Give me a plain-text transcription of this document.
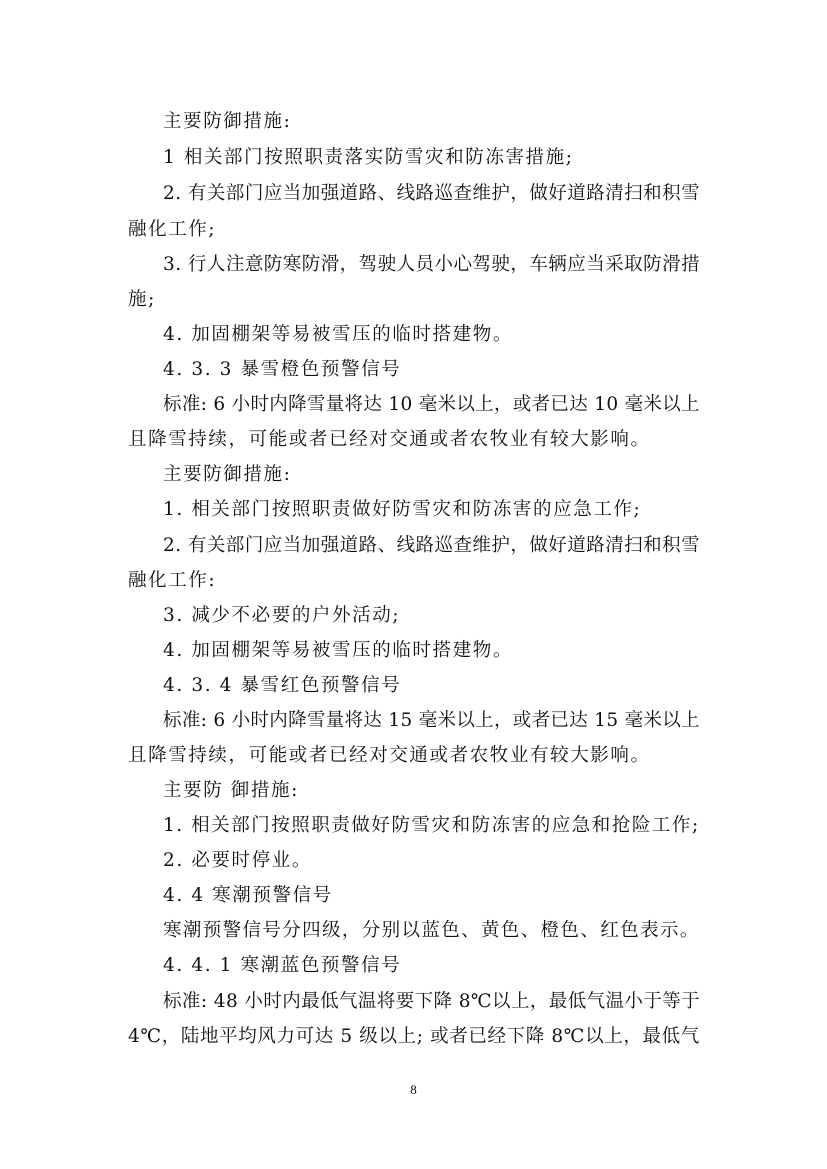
主要防御措施:
1 相关部门按照职责落实防雪灾和防冻害措施;
2. 有关部门应当加强道路、线路巡查维护，做好道路清扫和积雪
融化工作;
3. 行人注意防寒防滑，驾驶人员小心驾驶，车辆应当采取防滑措
施;
4. 加固棚架等易被雪压的临时搭建物。
4. 3. 3 暴雪橙色预警信号
标准: 6 小时内降雪量将达 10 毫米以上，或者已达 10 毫米以上
且降雪持续，可能或者已经对交通或者农牧业有较大影响。
主要防御措施:
1. 相关部门按照职责做好防雪灾和防冻害的应急工作;
2. 有关部门应当加强道路、线路巡查维护，做好道路清扫和积雪
融化工作:
3. 减少不必要的户外活动;
4. 加固棚架等易被雪压的临时搭建物。
4. 3. 4 暴雪红色预警信号
标准: 6 小时内降雪量将达 15 毫米以上，或者已达 15 毫米以上
且降雪持续，可能或者已经对交通或者农牧业有较大影响。
主要防 御措施:
1. 相关部门按照职责做好防雪灾和防冻害的应急和抢险工作;
2. 必要时停业。
4. 4 寒潮预警信号
寒潮预警信号分四级，分别以蓝色、黄色、橙色、红色表示。
4. 4. 1 寒潮蓝色预警信号
标准: 48 小时内最低气温将要下降 8℃以上，最低气温小于等于
4℃，陆地平均风力可达 5 级以上; 或者已经下降 8℃以上，最低气
8
